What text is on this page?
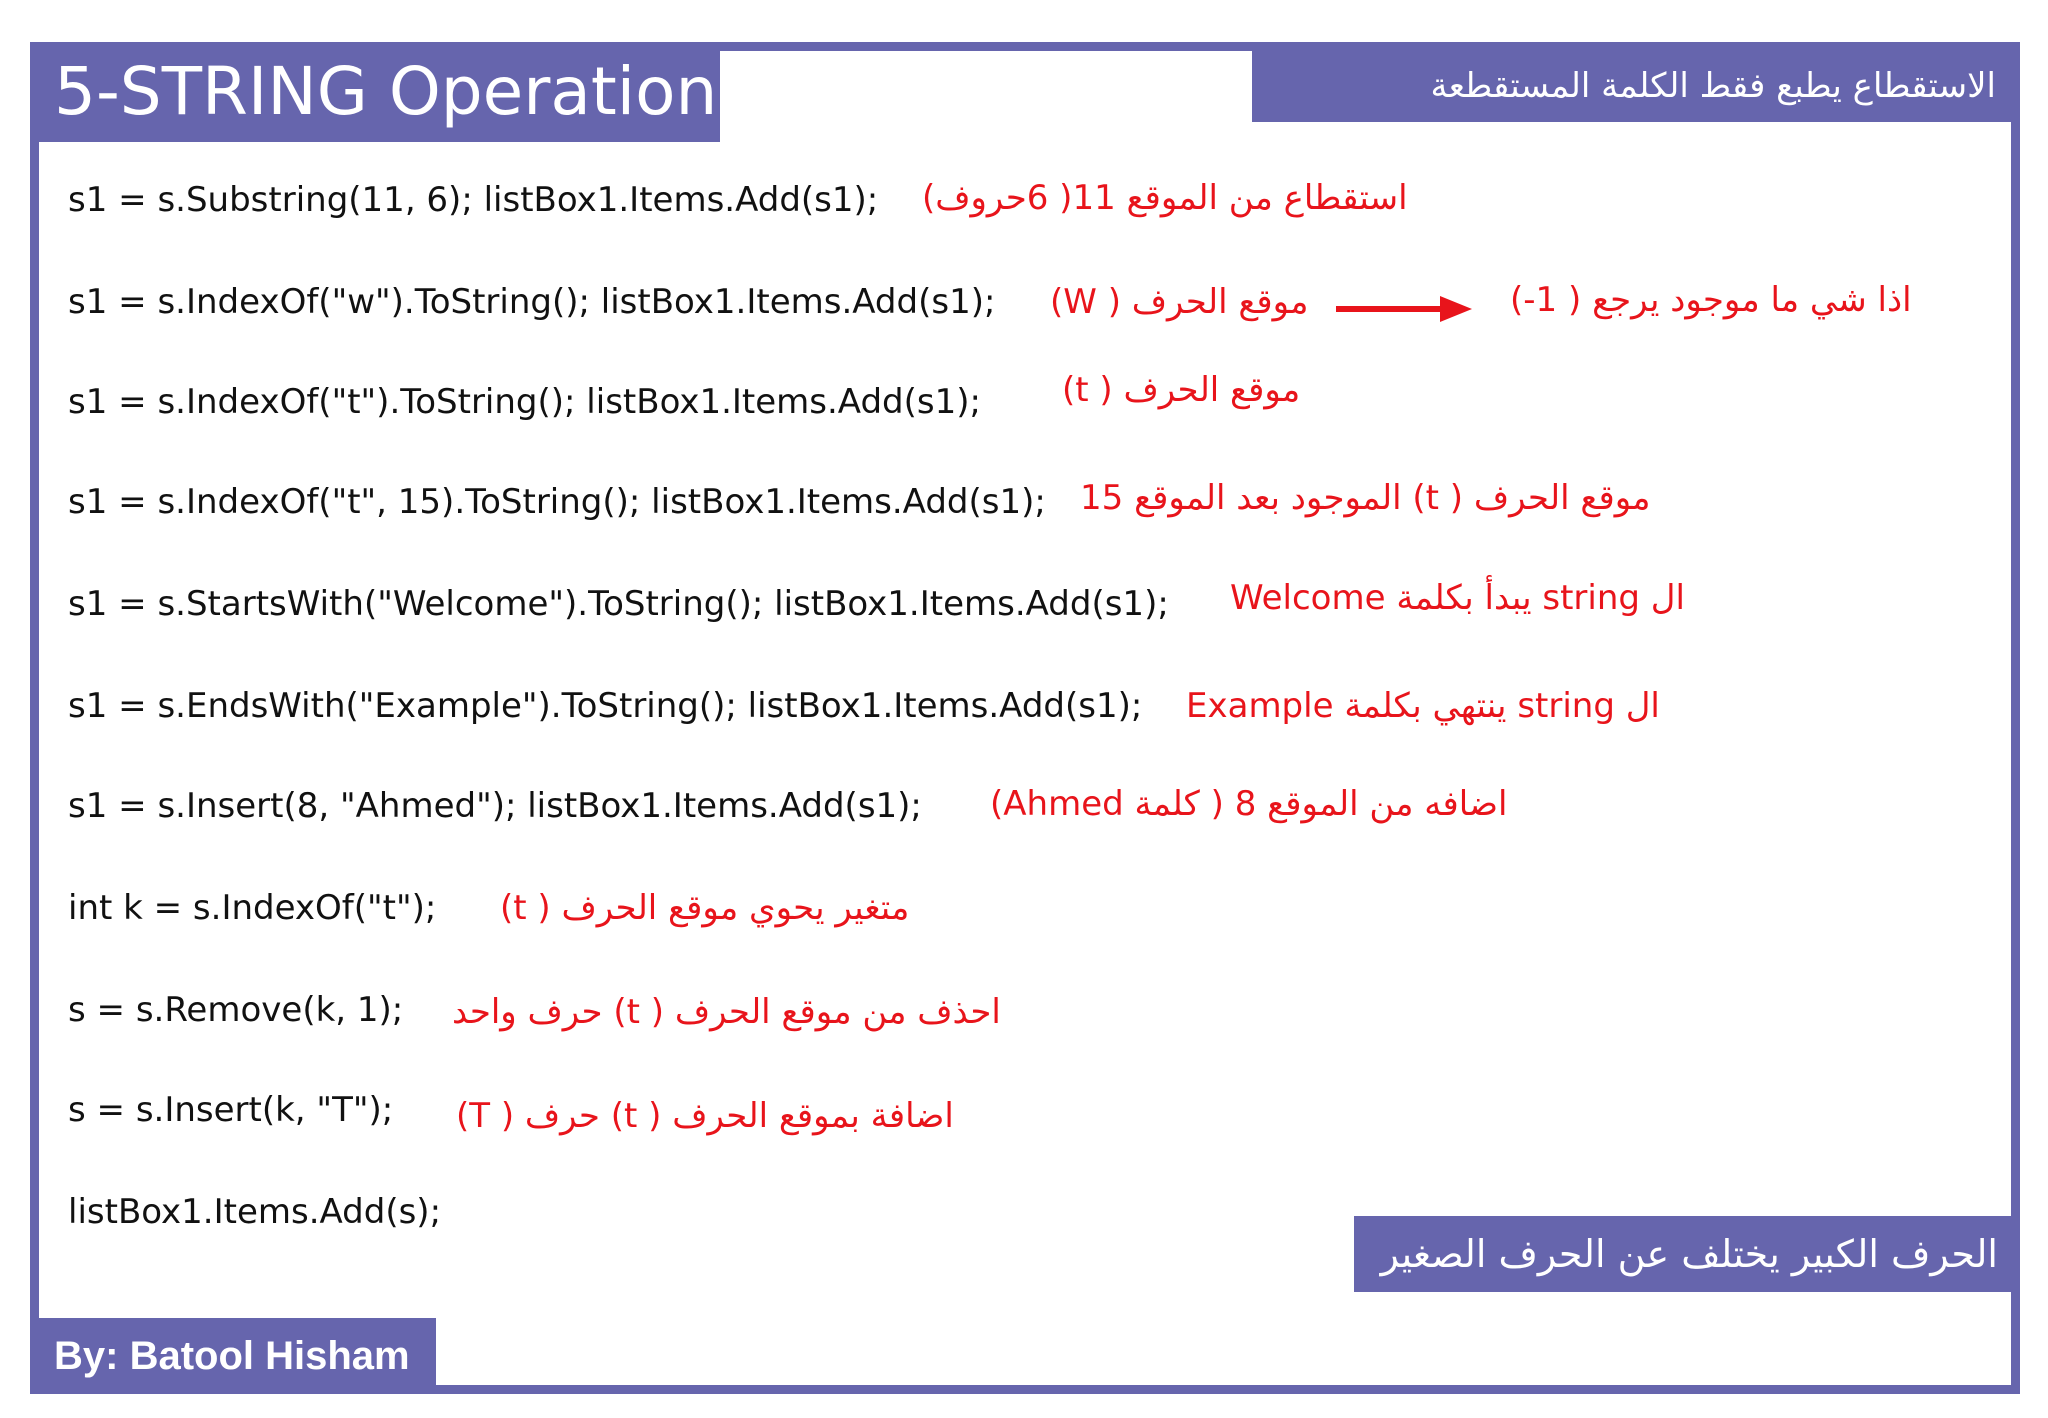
5-STRING Operation	الاستقطاع يطبع فقط الكلمة المستقطعة
s1 = s.Substring(11, 6); listBox1.Items.Add(s1); استقطاع من الموقع 11( 6حروف)
s1 = s.IndexOf("w").ToString(); listBox1.Items.Add(s1); موقع الحرف ( W)	اذا شي ما موجود يرجع ( 1-)
s1 = s.IndexOf("t").ToString(); listBox1.Items.Add(s1); موقع الحرف ( t)
s1 = s.IndexOf("t", 15).ToString(); listBox1.Items.Add(s1); موقع الحرف ( t) الموجود بعد الموقع 15
s1 = s.StartsWith("Welcome").ToString(); listBox1.Items.Add(s1); ال string يبدأ بكلمة Welcome
s1 = s.EndsWith("Example").ToString(); listBox1.Items.Add(s1); ال string ينتهي بكلمة Example
s1 = s.Insert(8, "Ahmed"); listBox1.Items.Add(s1); اضافه من الموقع 8 ( كلمة Ahmed)
int k = s.IndexOf("t"); متغير يحوي موقع الحرف ( t)
s = s.Remove(k, 1); احذف من موقع الحرف ( t) حرف واحد
s = s.Insert(k, "T"); اضافة بموقع الحرف ( t) حرف ( T)
listBox1.Items.Add(s);
الحرف الكبير يختلف عن الحرف الصغير
By: Batool Hisham
